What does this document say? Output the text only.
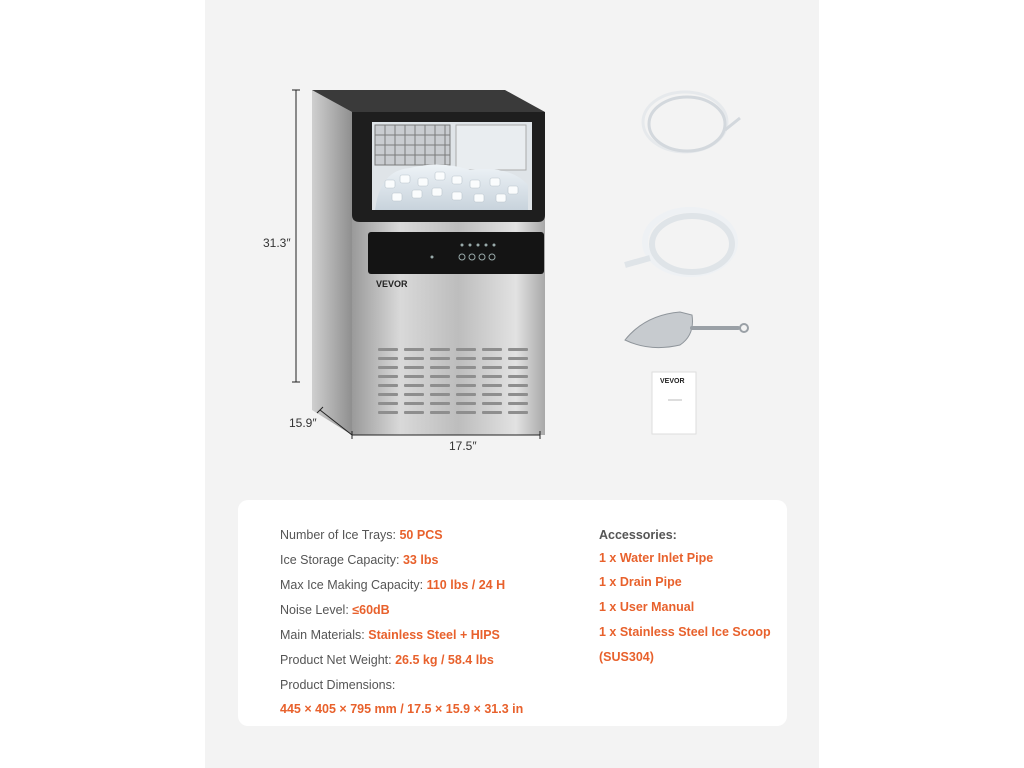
VEVOR
31.3″
15.9″
17.5″
VEVOR
Number of Ice Trays: 50 PCS
Ice Storage Capacity: 33 lbs
Max Ice Making Capacity: 110 lbs / 24 H
Noise Level: ≤60dB
Main Materials: Stainless Steel + HIPS
Product Net Weight: 26.5 kg / 58.4 lbs
Product Dimensions:
445 × 405 × 795 mm / 17.5 × 15.9 × 31.3 in
Accessories:
1 x Water Inlet Pipe
1 x Drain Pipe
1 x User Manual
1 x Stainless Steel Ice Scoop
(SUS304)
